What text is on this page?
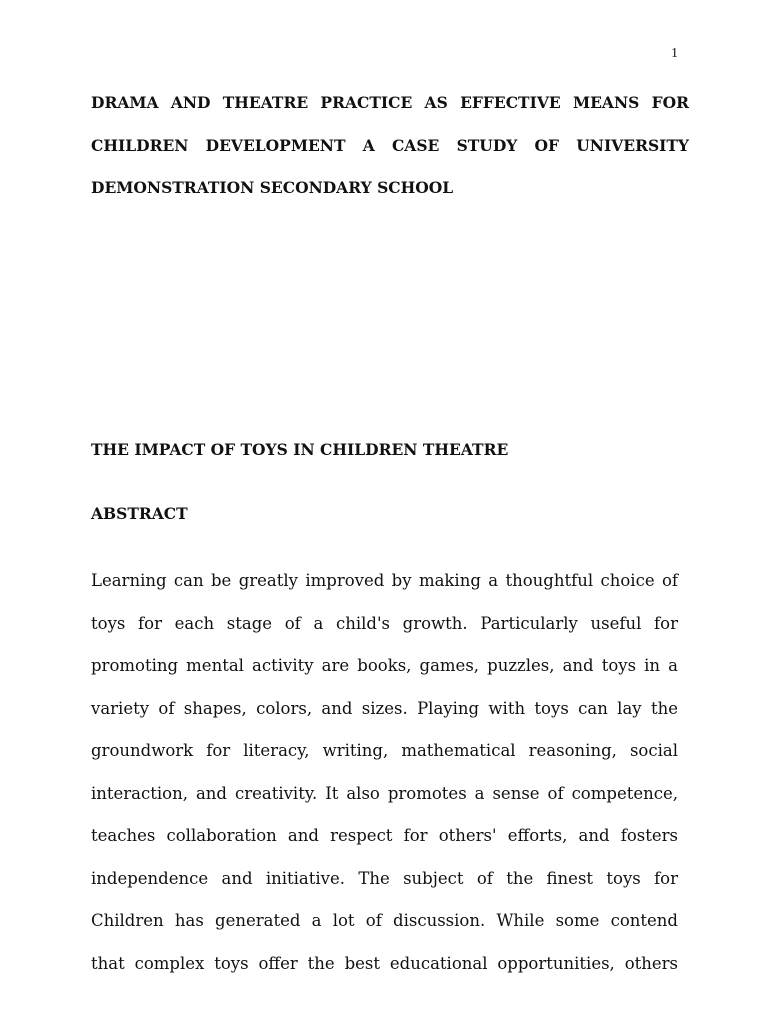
1
DRAMA AND THEATRE PRACTICE AS EFFECTIVE MEANS FOR
CHILDREN DEVELOPMENT A CASE STUDY OF UNIVERSITY
DEMONSTRATION SECONDARY SCHOOL
THE IMPACT OF TOYS IN CHILDREN THEATRE
ABSTRACT
Learning can be greatly improved by making a thoughtful choice of
toys for each stage of a child's growth. Particularly useful for
promoting mental activity are books, games, puzzles, and toys in a
variety of shapes, colors, and sizes. Playing with toys can lay the
groundwork for literacy, writing, mathematical reasoning, social
interaction, and creativity. It also promotes a sense of competence,
teaches collaboration and respect for others' efforts, and fosters
independence and initiative. The subject of the finest toys for
Children has generated a lot of discussion. While some contend
that complex toys offer the best educational opportunities, others
